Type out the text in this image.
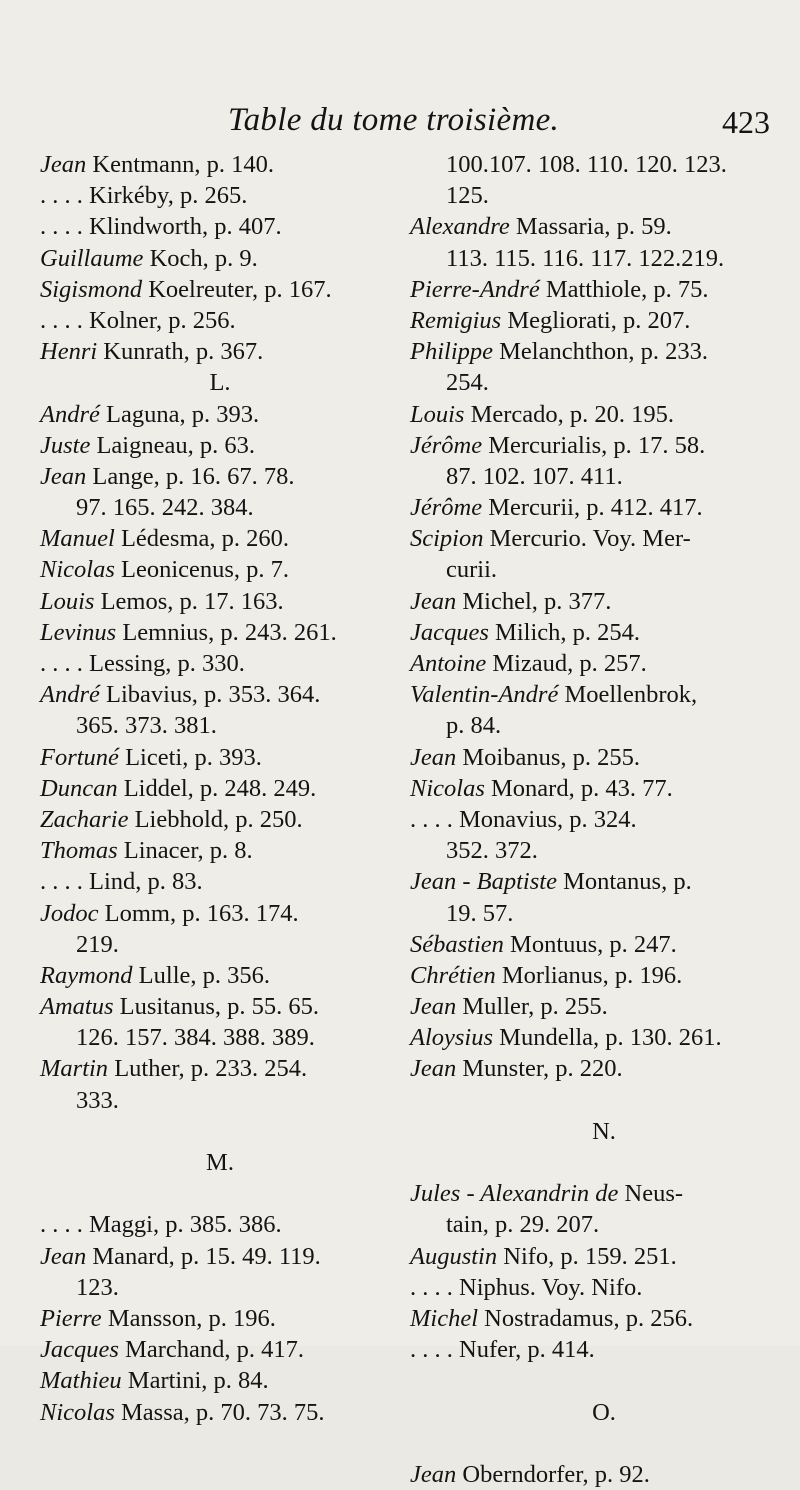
Table du tome troisième.	423
Jean Kentmann, p. 140.
. . . . Kirkéby, p. 265.
. . . . Klindworth, p. 407.
Guillaume Koch, p. 9.
Sigismond Koelreuter, p. 167.
. . . . Kolner, p. 256.
Henri Kunrath, p. 367.
L.
André Laguna, p. 393.
Juste Laigneau, p. 63.
Jean Lange, p. 16. 67. 78.
97. 165. 242. 384.
Manuel Lédesma, p. 260.
Nicolas Leonicenus, p. 7.
Louis Lemos, p. 17. 163.
Levinus Lemnius, p. 243. 261.
. . . . Lessing, p. 330.
André Libavius, p. 353. 364.
365. 373. 381.
Fortuné Liceti, p. 393.
Duncan Liddel, p. 248. 249.
Zacharie Liebhold, p. 250.
Thomas Linacer, p. 8.
. . . . Lind, p. 83.
Jodoc Lomm, p. 163. 174.
219.
Raymond Lulle, p. 356.
Amatus Lusitanus, p. 55. 65.
126. 157. 384. 388. 389.
Martin Luther, p. 233. 254.
333.
M.
. . . . Maggi, p. 385. 386.
Jean Manard, p. 15. 49. 119.
123.
Pierre Mansson, p. 196.
Jacques Marchand, p. 417.
Mathieu Martini, p. 84.
Nicolas Massa, p. 70. 73. 75.
100.107. 108. 110. 120. 123.
125.
Alexandre Massaria, p. 59.
113. 115. 116. 117. 122.219.
Pierre-André Matthiole, p. 75.
Remigius Megliorati, p. 207.
Philippe Melanchthon, p. 233.
254.
Louis Mercado, p. 20. 195.
Jérôme Mercurialis, p. 17. 58.
87. 102. 107. 411.
Jérôme Mercurii, p. 412. 417.
Scipion Mercurio. Voy. Mer-
curii.
Jean Michel, p. 377.
Jacques Milich, p. 254.
Antoine Mizaud, p. 257.
Valentin-André Moellenbrok,
p. 84.
Jean Moibanus, p. 255.
Nicolas Monard, p. 43. 77.
. . . . Monavius, p. 324.
352. 372.
Jean - Baptiste Montanus, p.
19. 57.
Sébastien Montuus, p. 247.
Chrétien Morlianus, p. 196.
Jean Muller, p. 255.
Aloysius Mundella, p. 130. 261.
Jean Munster, p. 220.
N.
Jules - Alexandrin de Neus-
tain, p. 29. 207.
Augustin Nifo, p. 159. 251.
. . . . Niphus. Voy. Nifo.
Michel Nostradamus, p. 256.
. . . . Nufer, p. 414.
O.
Jean Oberndorfer, p. 92.
